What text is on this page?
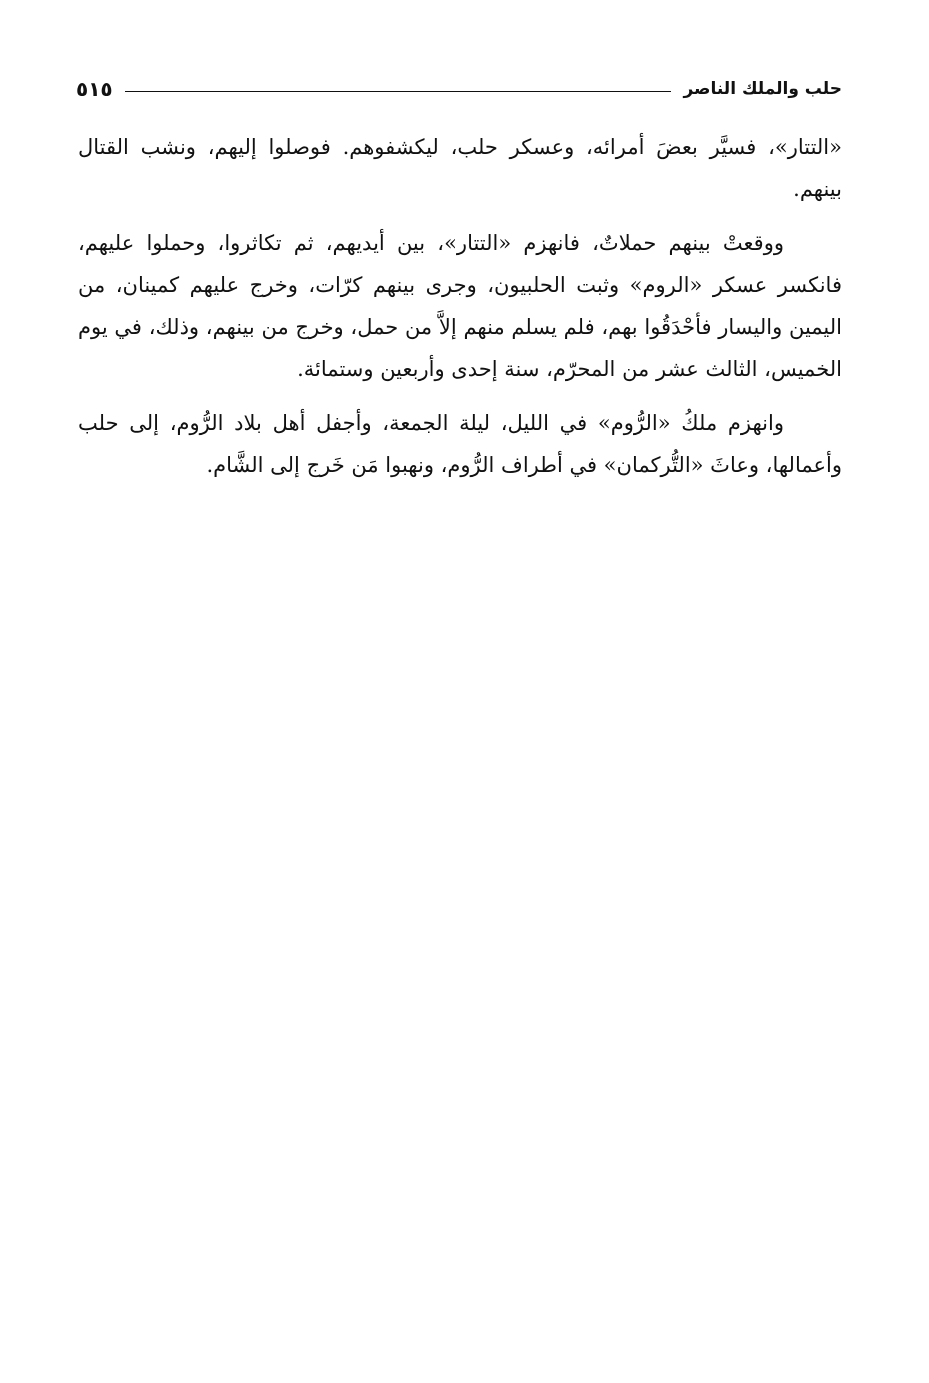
حلب والملك الناصر
٥١٥

«التتار»، فسيَّر بعضَ أمرائه، وعسكر حلب، ليكشفوهم. فوصلوا إليهم، ونشب القتال بينهم.

ووقعتْ بينهم حملاتٌ، فانهزم «التتار»، بين أيديهم، ثم تكاثروا، وحملوا عليهم، فانكسر عسكر «الروم» وثبت الحلبيون، وجرى بينهم كرّات، وخرج عليهم كمينان، من اليمين واليسار فأحْدَقُوا بهم، فلم يسلم منهم إلاَّ من حمل، وخرج من بينهم، وذلك، في يوم الخميس، الثالث عشر من المحرّم، سنة إحدى وأربعين وستمائة.

وانهزم ملكُ «الرُّوم» في الليل، ليلة الجمعة، وأجفل أهل بلاد الرُّوم، إلى حلب وأعمالها، وعاثَ «التُّركمان» في أطراف الرُّوم، ونهبوا مَن خَرج إلى الشَّام.
